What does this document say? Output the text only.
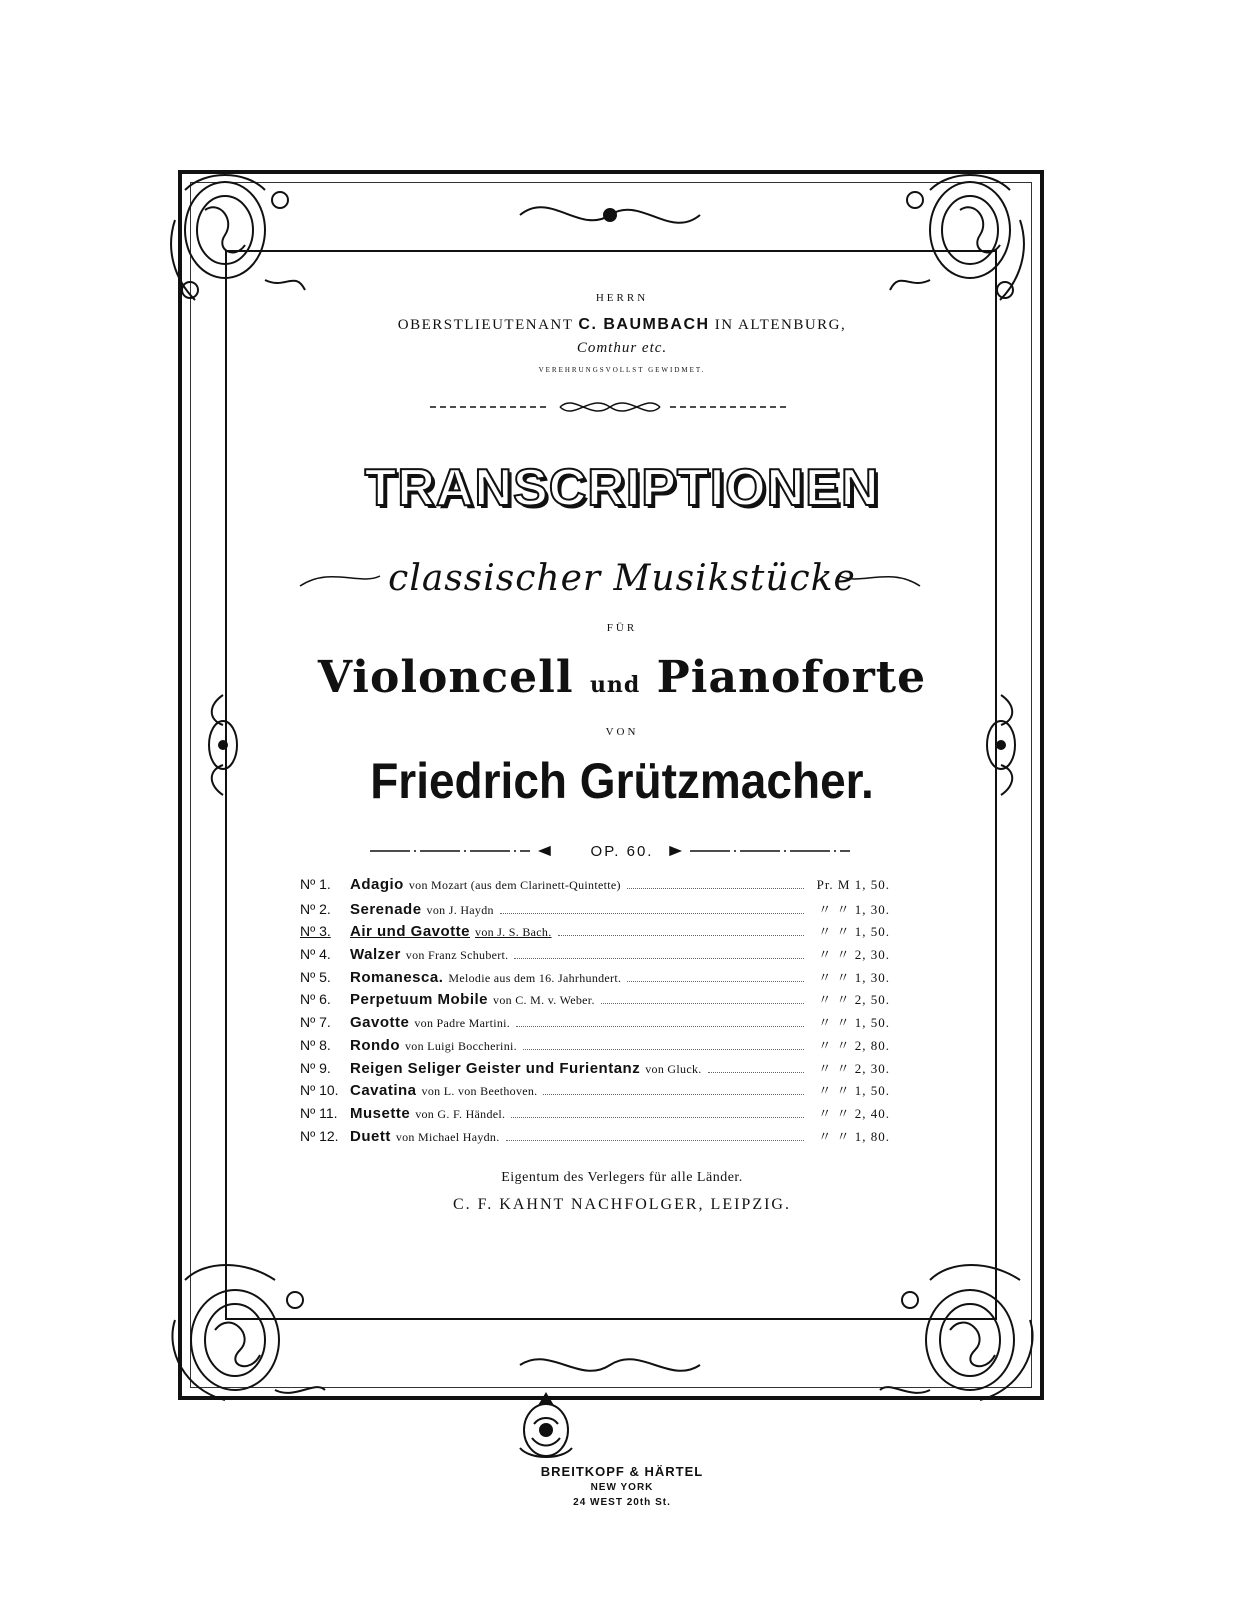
HERRN
OBERSTLIEUTENANT C. BAUMBACH IN ALTENBURG,
Comthur etc.
VEREHRUNGSVOLLST GEWIDMET.
TRANSCRIPTIONEN
classischer Musikstücke
FÜR
Violoncell und Pianoforte
VON
Friedrich Grützmacher.
OP. 60.
Nº 1.	Adagio von Mozart (aus dem Clarinett-Quintette)	Pr. M 1, 50.
Nº 2.	Serenade von J. Haydn	〃 〃 1, 30.
Nº 3.	Air und Gavotte von J. S. Bach.	〃 〃 1, 50.
Nº 4.	Walzer von Franz Schubert.	〃 〃 2, 30.
Nº 5.	Romanesca. Melodie aus dem 16. Jahrhundert.	〃 〃 1, 30.
Nº 6.	Perpetuum Mobile von C. M. v. Weber.	〃 〃 2, 50.
Nº 7.	Gavotte von Padre Martini.	〃 〃 1, 50.
Nº 8.	Rondo von Luigi Boccherini.	〃 〃 2, 80.
Nº 9.	Reigen Seliger Geister und Furientanz von Gluck.	〃 〃 2, 30.
Nº 10. Cavatina von L. von Beethoven.	〃 〃 1, 50.
Nº 11. Musette von G. F. Händel.	〃 〃 2, 40.
Nº 12. Duett von Michael Haydn.	〃 〃 1, 80.
Eigentum des Verlegers für alle Länder.
C. F. KAHNT NACHFOLGER, LEIPZIG.
BREITKOPF & HÄRTEL
NEW YORK
24 WEST 20th St.
